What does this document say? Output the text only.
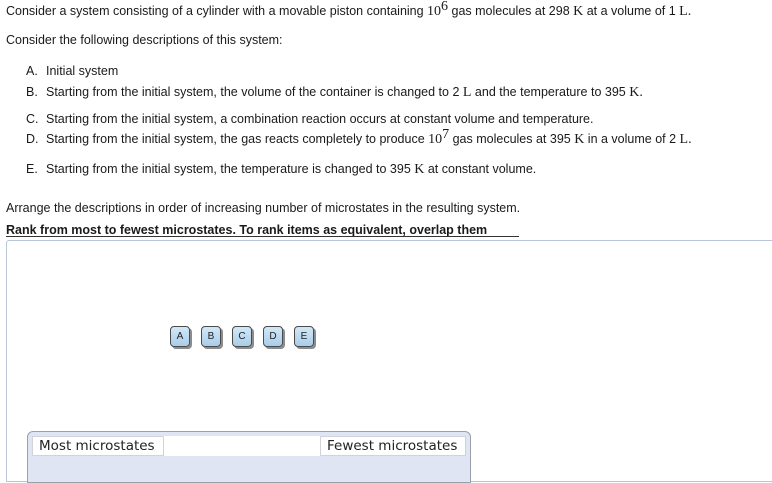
Consider a system consisting of a cylinder with a movable piston containing $10^6$ gas molecules at 298 K at a volume of 1 L.
Consider the following descriptions of this system:
A. Initial system
B. Starting from the initial system, the volume of the container is changed to 2 L and the temperature to 395 K.
C. Starting from the initial system, a combination reaction occurs at constant volume and temperature.
D. Starting from the initial system, the gas reacts completely to produce $10^7$ gas molecules at 395 K in a volume of 2 L.
E. Starting from the initial system, the temperature is changed to 395 K at constant volume.
Arrange the descriptions in order of increasing number of microstates in the resulting system.
Rank from most to fewest microstates. To rank items as equivalent, overlap them
A	B	C	D	E
Most microstates	Fewest microstates
